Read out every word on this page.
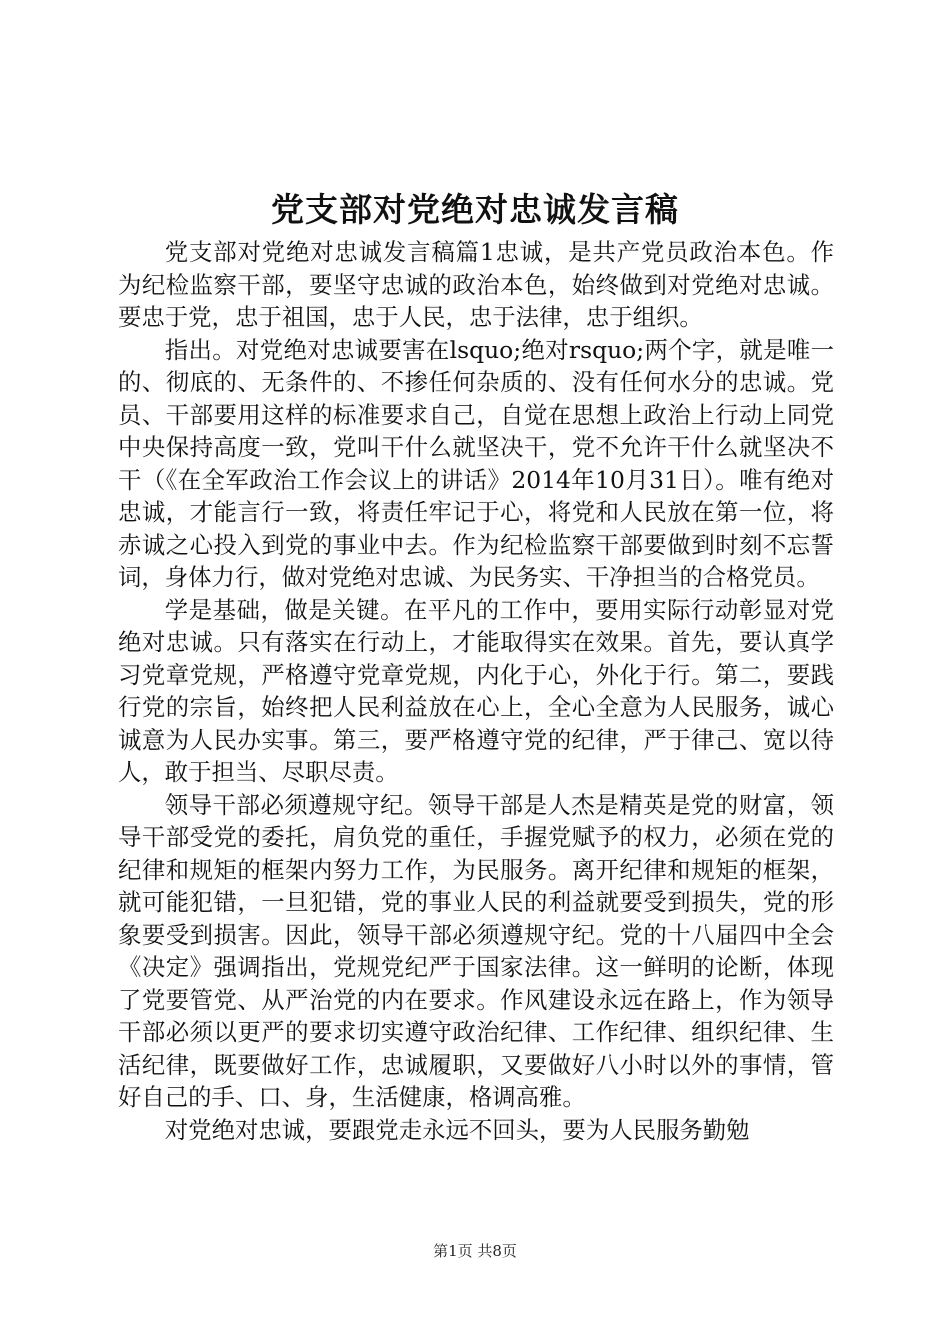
党支部对党绝对忠诚发言稿

党支部对党绝对忠诚发言稿篇1忠诚，是共产党员政治本色。作为纪检监察干部，要坚守忠诚的政治本色，始终做到对党绝对忠诚。要忠于党，忠于祖国，忠于人民，忠于法律，忠于组织。

指出。对党绝对忠诚要害在lsquo;绝对rsquo;两个字，就是唯一的、彻底的、无条件的、不掺任何杂质的、没有任何水分的忠诚。党员、干部要用这样的标准要求自己，自觉在思想上政治上行动上同党中央保持高度一致，党叫干什么就坚决干，党不允许干什么就坚决不干（《在全军政治工作会议上的讲话》2014年10月31日）。唯有绝对忠诚，才能言行一致，将责任牢记于心，将党和人民放在第一位，将赤诚之心投入到党的事业中去。作为纪检监察干部要做到时刻不忘誓词，身体力行，做对党绝对忠诚、为民务实、干净担当的合格党员。

学是基础，做是关键。在平凡的工作中，要用实际行动彰显对党绝对忠诚。只有落实在行动上，才能取得实在效果。首先，要认真学习党章党规，严格遵守党章党规，内化于心，外化于行。第二，要践行党的宗旨，始终把人民利益放在心上，全心全意为人民服务，诚心诚意为人民办实事。第三，要严格遵守党的纪律，严于律己、宽以待人，敢于担当、尽职尽责。

领导干部必须遵规守纪。领导干部是人杰是精英是党的财富，领导干部受党的委托，肩负党的重任，手握党赋予的权力，必须在党的纪律和规矩的框架内努力工作，为民服务。离开纪律和规矩的框架，就可能犯错，一旦犯错，党的事业人民的利益就要受到损失，党的形象要受到损害。因此，领导干部必须遵规守纪。党的十八届四中全会《决定》强调指出，党规党纪严于国家法律。这一鲜明的论断，体现了党要管党、从严治党的内在要求。作风建设永远在路上，作为领导干部必须以更严的要求切实遵守政治纪律、工作纪律、组织纪律、生活纪律，既要做好工作，忠诚履职，又要做好八小时以外的事情，管好自己的手、口、身，生活健康，格调高雅。

对党绝对忠诚，要跟党走永远不回头，要为人民服务勤勉

第1页 共8页
